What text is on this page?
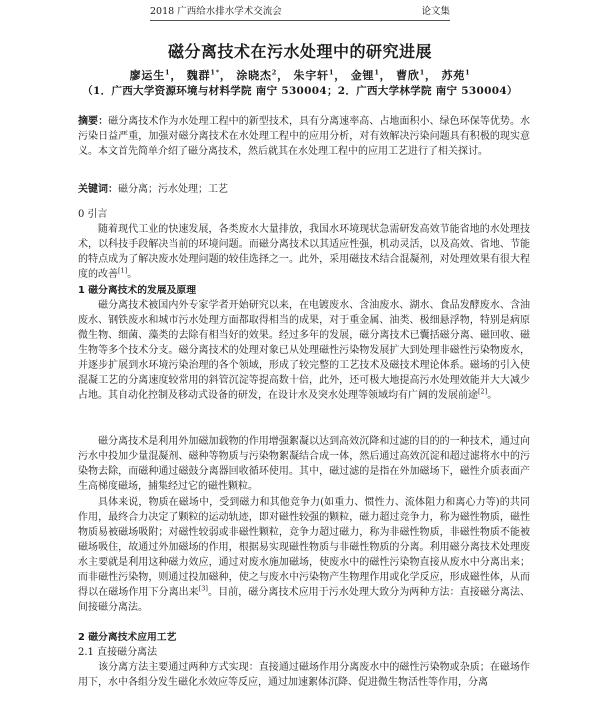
2018 广西给水排水学术交流会	论文集
磁分离技术在污水处理中的研究进展
廖运生$^1$， 魏群$^{1*}$， 涂晓杰$^2$， 朱宇轩$^1$， 金锂$^1$， 曹欣$^1$， 苏苑$^1$
（1．广西大学资源环境与材料学院 南宁 530004；2．广西大学林学院 南宁 530004）
摘要：磁分离技术作为水处理工程中的新型技术，具有分离速率高、占地面积小、绿色环保等优势。水污染日益严重，加强对磁分离技术在水处理工程中的应用分析，对有效解决污染问题具有积极的现实意义。本文首先简单介绍了磁分离技术，然后就其在水处理工程中的应用工艺进行了相关探讨。
关键词：磁分离；污水处理；工艺
0 引言
随着现代工业的快速发展，各类废水大量排放，我国水环境现状急需研发高效节能省地的水处理技术，以科技手段解决当前的环境问题。而磁分离技术以其适应性强，机动灵活，以及高效、省地、节能的特点成为了解决废水处理问题的较佳选择之一。此外，采用磁技术结合混凝剂，对处理效果有很大程度的改善[1]。
1 磁分离技术的发展及原理
磁分离技术被国内外专家学者开始研究以来，在电镀废水、含油废水、湖水、食品发酵废水、含油废水、钢铁废水和城市污水处理方面都取得相当的成果，对于重金属、油类、极细悬浮物，特别是病原微生物、细菌、藻类的去除有相当好的效果。经过多年的发展，磁分离技术已囊括磁分离、磁回收、磁生物等多个技术分支。磁分离技术的处理对象已从处理磁性污染物发展扩大到处理非磁性污染物废水，并逐步扩展到水环境污染治理的各个领域，形成了较完整的工艺技术及磁技术理论体系。磁场的引入使混凝工艺的分离速度较常用的斜管沉淀等提高数十倍，此外，还可极大地提高污水处理效能并大大减少占地。其自动化控制及移动式设备的研发，在设计水及突水处理等领域均有广阔的发展前途[2]。
磁分离技术是利用外加磁加载物的作用增强絮凝以达到高效沉降和过滤的目的的一种技术，通过向污水中投加少量混凝剂、磁种等物质与污染物絮凝结合成一体，然后通过高效沉淀和超过滤将水中的污染物去除，而磁种通过磁鼓分离器回收循环使用。其中，磁过滤的是指在外加磁场下，磁性介质表面产生高梯度磁场，捕集经过它的磁性颗粒。
具体来说，物质在磁场中，受到磁力和其他竞争力(如重力、惯性力、流体阻力和离心力等)的共同作用，最终合力决定了颗粒的运动轨迹，即对磁性较强的颗粒，磁力超过竞争力，称为磁性物质，磁性物质易被磁场吸附；对磁性较弱或非磁性颗粒，竞争力超过磁力，称为非磁性物质，非磁性物质不能被磁场吸住，故通过外加磁场的作用，根据易实现磁性物质与非磁性物质的分离。利用磁分离技术处理废水主要就是利用这种磁力效应，通过对废水施加磁场，使废水中的磁性污染物直接从废水中分离出来；而非磁性污染物，则通过投加磁种，使之与废水中污染物产生物理作用或化学反应，形成磁性体，从而得以在磁场作用下分离出来[3]。目前，磁分离技术应用于污水处理大致分为两种方法：直接磁分离法、间接磁分离法。
2 磁分离技术应用工艺
2.1 直接磁分离法
该分离方法主要通过两种方式实现：直接通过磁场作用分离废水中的磁性污染物或杂质；在磁场作用下，水中各组分发生磁化水效应等反应，通过加速絮体沉降、促进微生物活性等作用，分离
